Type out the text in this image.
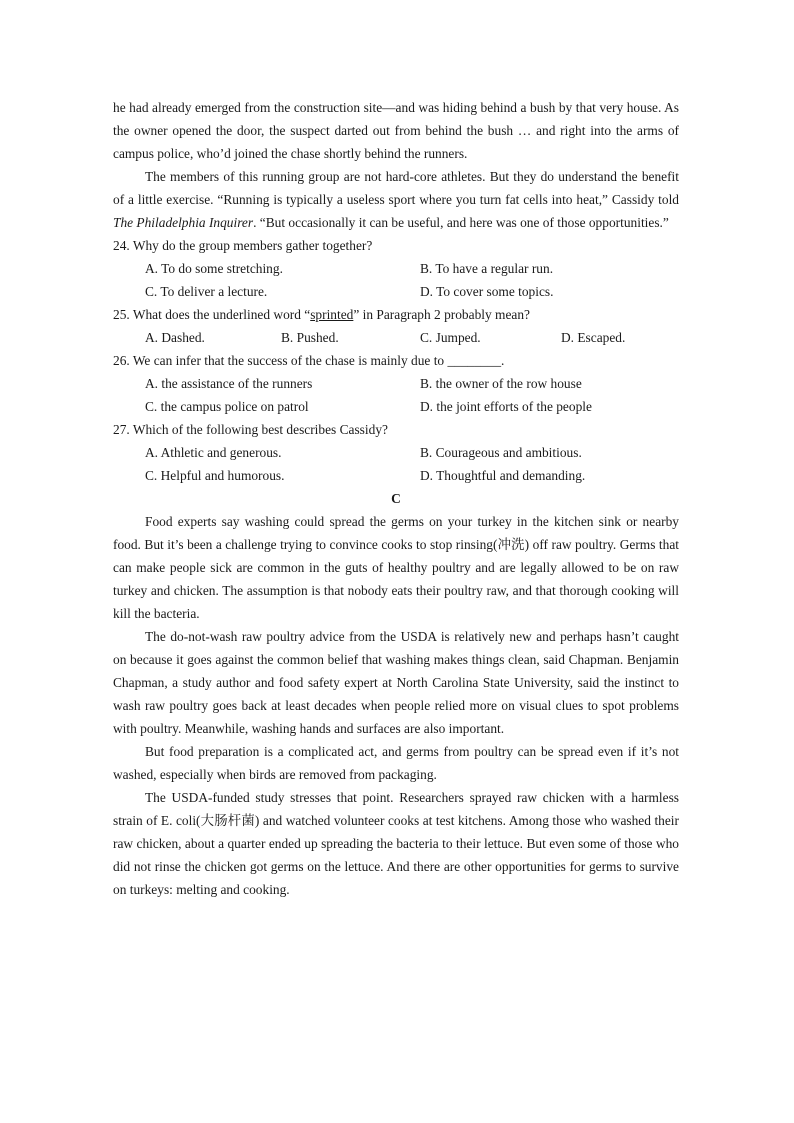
he had already emerged from the construction site—and was hiding behind a bush by that very house. As the owner opened the door, the suspect darted out from behind the bush … and right into the arms of campus police, who’d joined the chase shortly behind the runners.

The members of this running group are not hard-core athletes. But they do understand the benefit of a little exercise. “Running is typically a useless sport where you turn fat cells into heat,” Cassidy told The Philadelphia Inquirer. “But occasionally it can be useful, and here was one of those opportunities.”

24. Why do the group members gather together?

A. To do some stretching.	B. To have a regular run.
C. To deliver a lecture.	D. To cover some topics.

25. What does the underlined word “sprinted” in Paragraph 2 probably mean?

A. Dashed.	B. Pushed.	C. Jumped.	D. Escaped.

26. We can infer that the success of the chase is mainly due to ________.

A. the assistance of the runners	B. the owner of the row house
C. the campus police on patrol	D. the joint efforts of the people

27. Which of the following best describes Cassidy?

A. Athletic and generous.	B. Courageous and ambitious.
C. Helpful and humorous.	D. Thoughtful and demanding.

C

Food experts say washing could spread the germs on your turkey in the kitchen sink or nearby food. But it’s been a challenge trying to convince cooks to stop rinsing(冲洗) off raw poultry. Germs that can make people sick are common in the guts of healthy poultry and are legally allowed to be on raw turkey and chicken. The assumption is that nobody eats their poultry raw, and that thorough cooking will kill the bacteria.

The do-not-wash raw poultry advice from the USDA is relatively new and perhaps hasn’t caught on because it goes against the common belief that washing makes things clean, said Chapman. Benjamin Chapman, a study author and food safety expert at North Carolina State University, said the instinct to wash raw poultry goes back at least decades when people relied more on visual clues to spot problems with poultry. Meanwhile, washing hands and surfaces are also important.

But food preparation is a complicated act, and germs from poultry can be spread even if it’s not washed, especially when birds are removed from packaging.

The USDA-funded study stresses that point. Researchers sprayed raw chicken with a harmless strain of E. coli(大肠杆菌) and watched volunteer cooks at test kitchens. Among those who washed their raw chicken, about a quarter ended up spreading the bacteria to their lettuce. But even some of those who did not rinse the chicken got germs on the lettuce. And there are other opportunities for germs to survive on turkeys: melting and cooking.
